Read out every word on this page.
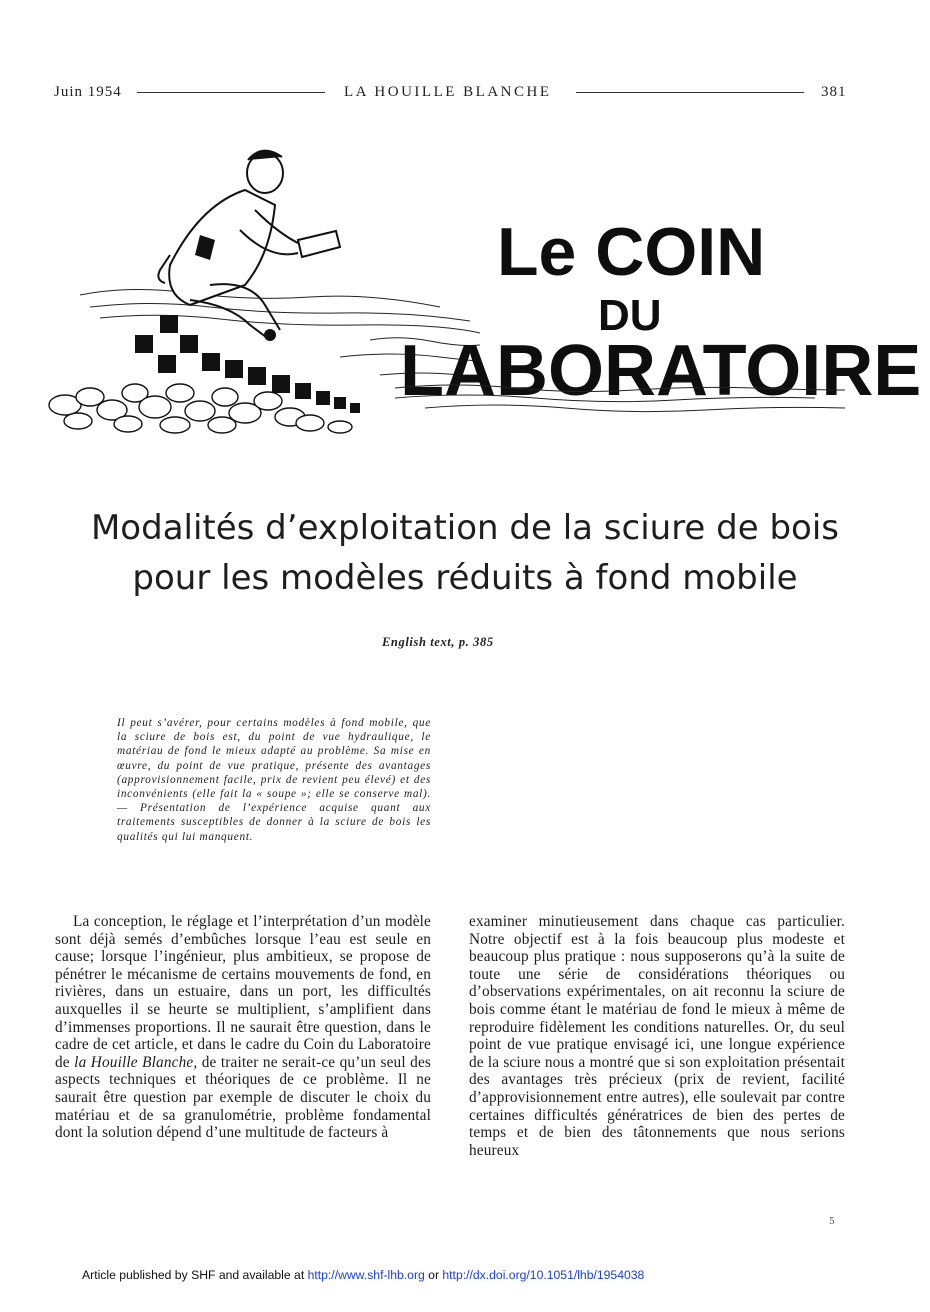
Juin 1954	LA HOUILLE BLANCHE	381
Le COIN
DU
LABORATOIRE
Modalités d’exploitation de la sciure de bois
pour les modèles réduits à fond mobile
English text, p. 385
Il peut s’avérer, pour certains modèles à fond mobile, que la sciure de bois est, du point de vue hydraulique, le matériau de fond le mieux adapté au problème. Sa mise en œuvre, du point de vue pratique, présente des avantages (approvisionnement facile, prix de revient peu élevé) et des inconvénients (elle fait la « soupe »; elle se conserve mal). — Présentation de l’expérience acquise quant aux traitements susceptibles de donner à la sciure de bois les qualités qui lui manquent.
La conception, le réglage et l’interprétation d’un modèle sont déjà semés d’embûches lorsque l’eau est seule en cause; lorsque l’ingénieur, plus ambitieux, se propose de pénétrer le mécanisme de certains mouvements de fond, en rivières, dans un estuaire, dans un port, les difficultés auxquelles il se heurte se multiplient, s’amplifient dans d’immenses proportions. Il ne saurait être question, dans le cadre de cet article, et dans le cadre du Coin du Laboratoire de la Houille Blanche, de traiter ne serait-ce qu’un seul des aspects techniques et théoriques de ce problème. Il ne saurait être question par exemple de discuter le choix du matériau et de sa granulométrie, problème fondamental dont la solution dépend d’une multitude de facteurs à
examiner minutieusement dans chaque cas particulier. Notre objectif est à la fois beaucoup plus modeste et beaucoup plus pratique : nous supposerons qu’à la suite de toute une série de considérations théoriques ou d’observations expérimentales, on ait reconnu la sciure de bois comme étant le matériau de fond le mieux à même de reproduire fidèlement les conditions naturelles. Or, du seul point de vue pratique envisagé ici, une longue expérience de la sciure nous a montré que si son exploitation présentait des avantages très précieux (prix de revient, facilité d’approvisionnement entre autres), elle soulevait par contre certaines difficultés génératrices de bien des pertes de temps et de bien des tâtonnements que nous serions heureux
5
Article published by SHF and available at http://www.shf-lhb.org or http://dx.doi.org/10.1051/lhb/1954038
